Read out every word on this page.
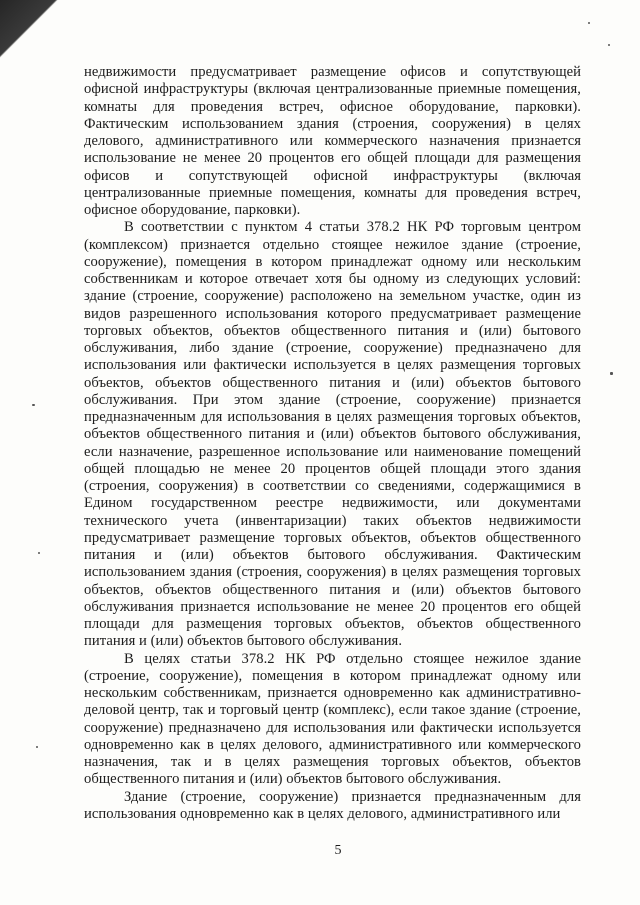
недвижимости предусматривает размещение офисов и сопутствующей офисной инфраструктуры (включая централизованные приемные помещения, комнаты для проведения встреч, офисное оборудование, парковки). Фактическим использованием здания (строения, сооружения) в целях делового, административного или коммерческого назначения признается использование не менее 20 процентов его общей площади для размещения офисов и сопутствующей офисной инфраструктуры (включая централизованные приемные помещения, комнаты для проведения встреч, офисное оборудование, парковки).

В соответствии с пунктом 4 статьи 378.2 НК РФ торговым центром (комплексом) признается отдельно стоящее нежилое здание (строение, сооружение), помещения в котором принадлежат одному или нескольким собственникам и которое отвечает хотя бы одному из следующих условий: здание (строение, сооружение) расположено на земельном участке, один из видов разрешенного использования которого предусматривает размещение торговых объектов, объектов общественного питания и (или) бытового обслуживания, либо здание (строение, сооружение) предназначено для использования или фактически используется в целях размещения торговых объектов, объектов общественного питания и (или) объектов бытового обслуживания. При этом здание (строение, сооружение) признается предназначенным для использования в целях размещения торговых объектов, объектов общественного питания и (или) объектов бытового обслуживания, если назначение, разрешенное использование или наименование помещений общей площадью не менее 20 процентов общей площади этого здания (строения, сооружения) в соответствии со сведениями, содержащимися в Едином государственном реестре недвижимости, или документами технического учета (инвентаризации) таких объектов недвижимости предусматривает размещение торговых объектов, объектов общественного питания и (или) объектов бытового обслуживания. Фактическим использованием здания (строения, сооружения) в целях размещения торговых объектов, объектов общественного питания и (или) объектов бытового обслуживания признается использование не менее 20 процентов его общей площади для размещения торговых объектов, объектов общественного питания и (или) объектов бытового обслуживания.

В целях статьи 378.2 НК РФ отдельно стоящее нежилое здание (строение, сооружение), помещения в котором принадлежат одному или нескольким собственникам, признается одновременно как административно-деловой центр, так и торговый центр (комплекс), если такое здание (строение, сооружение) предназначено для использования или фактически используется одновременно как в целях делового, административного или коммерческого назначения, так и в целях размещения торговых объектов, объектов общественного питания и (или) объектов бытового обслуживания.

Здание (строение, сооружение) признается предназначенным для использования одновременно как в целях делового, административного или

5
